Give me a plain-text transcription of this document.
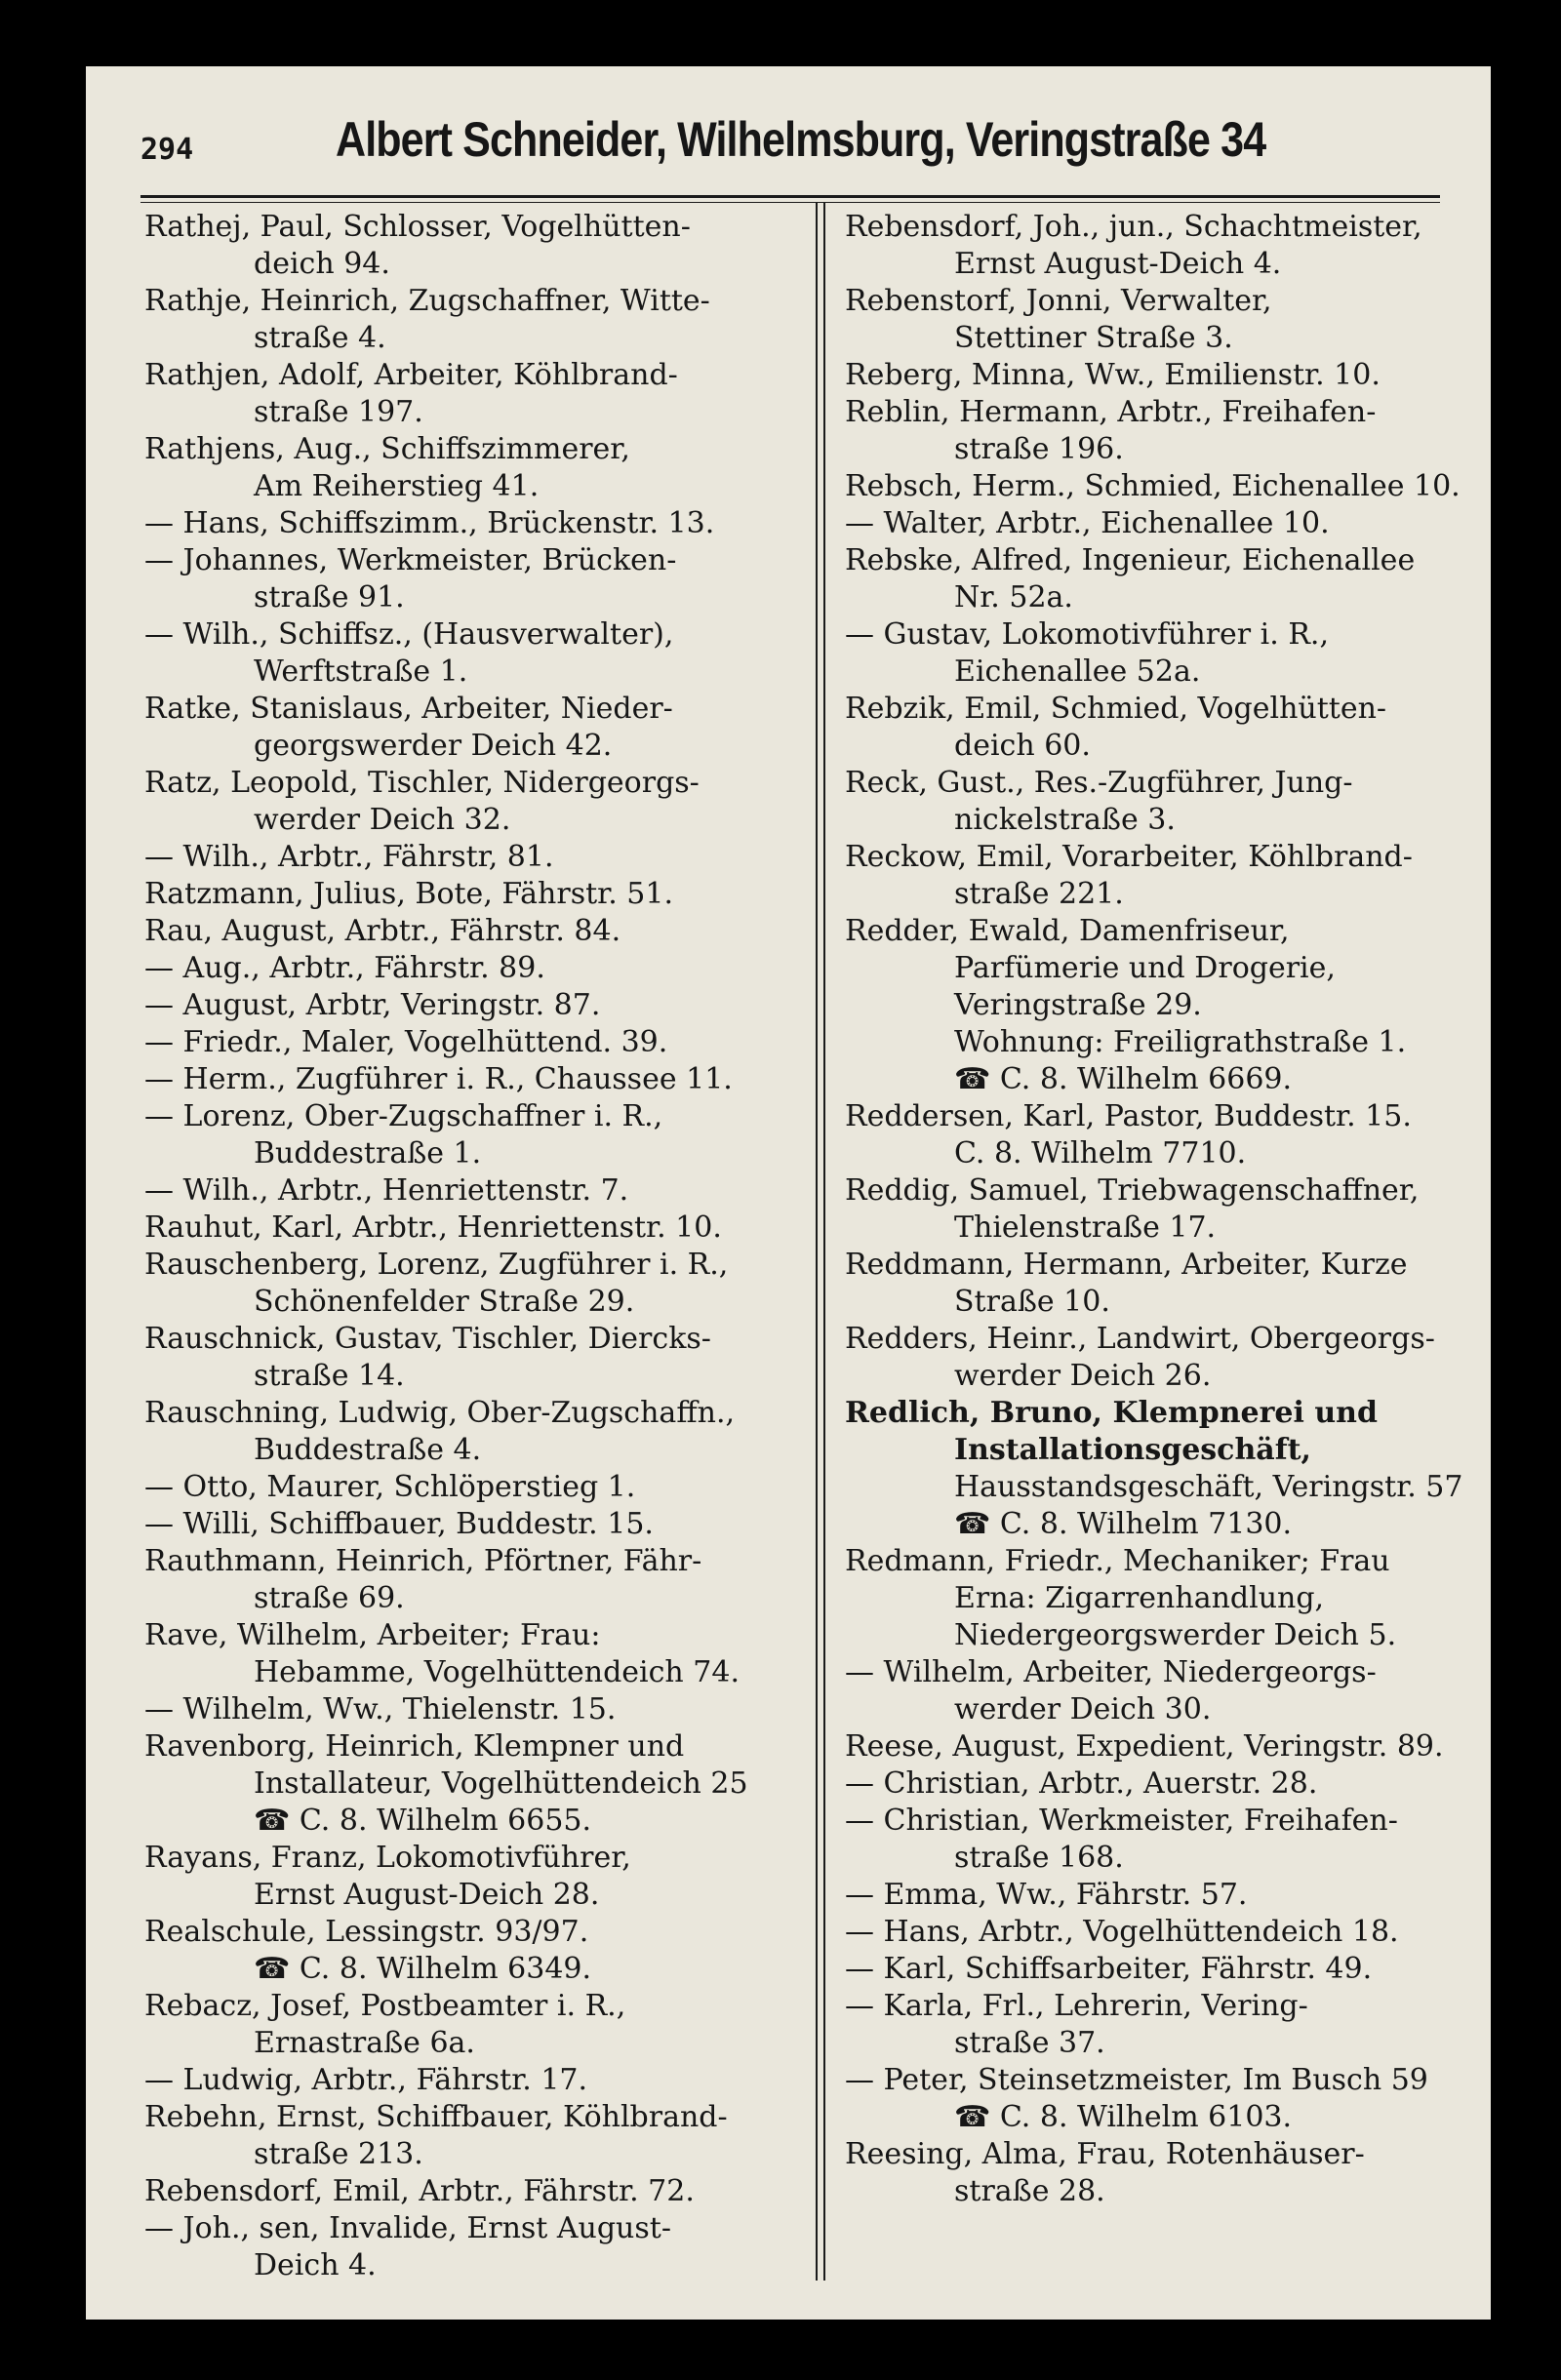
294	Albert Schneider, Wilhelmsburg, Veringstraße 34
Rathej, Paul, Schlosser, Vogelhütten-
deich 94.
Rathje, Heinrich, Zugschaffner, Witte-
straße 4.
Rathjen, Adolf, Arbeiter, Köhlbrand-
straße 197.
Rathjens, Aug., Schiffszimmerer,
Am Reiherstieg 41.
— Hans, Schiffszimm., Brückenstr. 13.
— Johannes, Werkmeister, Brücken-
straße 91.
— Wilh., Schiffsz., (Hausverwalter),
Werftstraße 1.
Ratke, Stanislaus, Arbeiter, Nieder-
georgswerder Deich 42.
Ratz, Leopold, Tischler, Nidergeorgs-
werder Deich 32.
— Wilh., Arbtr., Fährstr, 81.
Ratzmann, Julius, Bote, Fährstr. 51.
Rau, August, Arbtr., Fährstr. 84.
— Aug., Arbtr., Fährstr. 89.
— August, Arbtr, Veringstr. 87.
— Friedr., Maler, Vogelhüttend. 39.
— Herm., Zugführer i. R., Chaussee 11.
— Lorenz, Ober-Zugschaffner i. R.,
Buddestraße 1.
— Wilh., Arbtr., Henriettenstr. 7.
Rauhut, Karl, Arbtr., Henriettenstr. 10.
Rauschenberg, Lorenz, Zugführer i. R.,
Schönenfelder Straße 29.
Rauschnick, Gustav, Tischler, Diercks-
straße 14.
Rauschning, Ludwig, Ober-Zugschaffn.,
Buddestraße 4.
— Otto, Maurer, Schlöperstieg 1.
— Willi, Schiffbauer, Buddestr. 15.
Rauthmann, Heinrich, Pförtner, Fähr-
straße 69.
Rave, Wilhelm, Arbeiter; Frau:
Hebamme, Vogelhüttendeich 74.
— Wilhelm, Ww., Thielenstr. 15.
Ravenborg, Heinrich, Klempner und
Installateur, Vogelhüttendeich 25
☎ C. 8. Wilhelm 6655.
Rayans, Franz, Lokomotivführer,
Ernst August-Deich 28.
Realschule, Lessingstr. 93/97.
☎ C. 8. Wilhelm 6349.
Rebacz, Josef, Postbeamter i. R.,
Ernastraße 6a.
— Ludwig, Arbtr., Fährstr. 17.
Rebehn, Ernst, Schiffbauer, Köhlbrand-
straße 213.
Rebensdorf, Emil, Arbtr., Fährstr. 72.
— Joh., sen, Invalide, Ernst August-
Deich 4.
Rebensdorf, Joh., jun., Schachtmeister,
Ernst August-Deich 4.
Rebenstorf, Jonni, Verwalter,
Stettiner Straße 3.
Reberg, Minna, Ww., Emilienstr. 10.
Reblin, Hermann, Arbtr., Freihafen-
straße 196.
Rebsch, Herm., Schmied, Eichenallee 10.
— Walter, Arbtr., Eichenallee 10.
Rebske, Alfred, Ingenieur, Eichenallee
Nr. 52a.
— Gustav, Lokomotivführer i. R.,
Eichenallee 52a.
Rebzik, Emil, Schmied, Vogelhütten-
deich 60.
Reck, Gust., Res.-Zugführer, Jung-
nickelstraße 3.
Reckow, Emil, Vorarbeiter, Köhlbrand-
straße 221.
Redder, Ewald, Damenfriseur,
Parfümerie und Drogerie,
Veringstraße 29.
Wohnung: Freiligrathstraße 1.
☎ C. 8. Wilhelm 6669.
Reddersen, Karl, Pastor, Buddestr. 15.
C. 8. Wilhelm 7710.
Reddig, Samuel, Triebwagenschaffner,
Thielenstraße 17.
Reddmann, Hermann, Arbeiter, Kurze
Straße 10.
Redders, Heinr., Landwirt, Obergeorgs-
werder Deich 26.
Redlich, Bruno, Klempnerei und
Installationsgeschäft,
Hausstandsgeschäft, Veringstr. 57
☎ C. 8. Wilhelm 7130.
Redmann, Friedr., Mechaniker; Frau
Erna: Zigarrenhandlung,
Niedergeorgswerder Deich 5.
— Wilhelm, Arbeiter, Niedergeorgs-
werder Deich 30.
Reese, August, Expedient, Veringstr. 89.
— Christian, Arbtr., Auerstr. 28.
— Christian, Werkmeister, Freihafen-
straße 168.
— Emma, Ww., Fährstr. 57.
— Hans, Arbtr., Vogelhüttendeich 18.
— Karl, Schiffsarbeiter, Fährstr. 49.
— Karla, Frl., Lehrerin, Vering-
straße 37.
— Peter, Steinsetzmeister, Im Busch 59
☎ C. 8. Wilhelm 6103.
Reesing, Alma, Frau, Rotenhäuser-
straße 28.
